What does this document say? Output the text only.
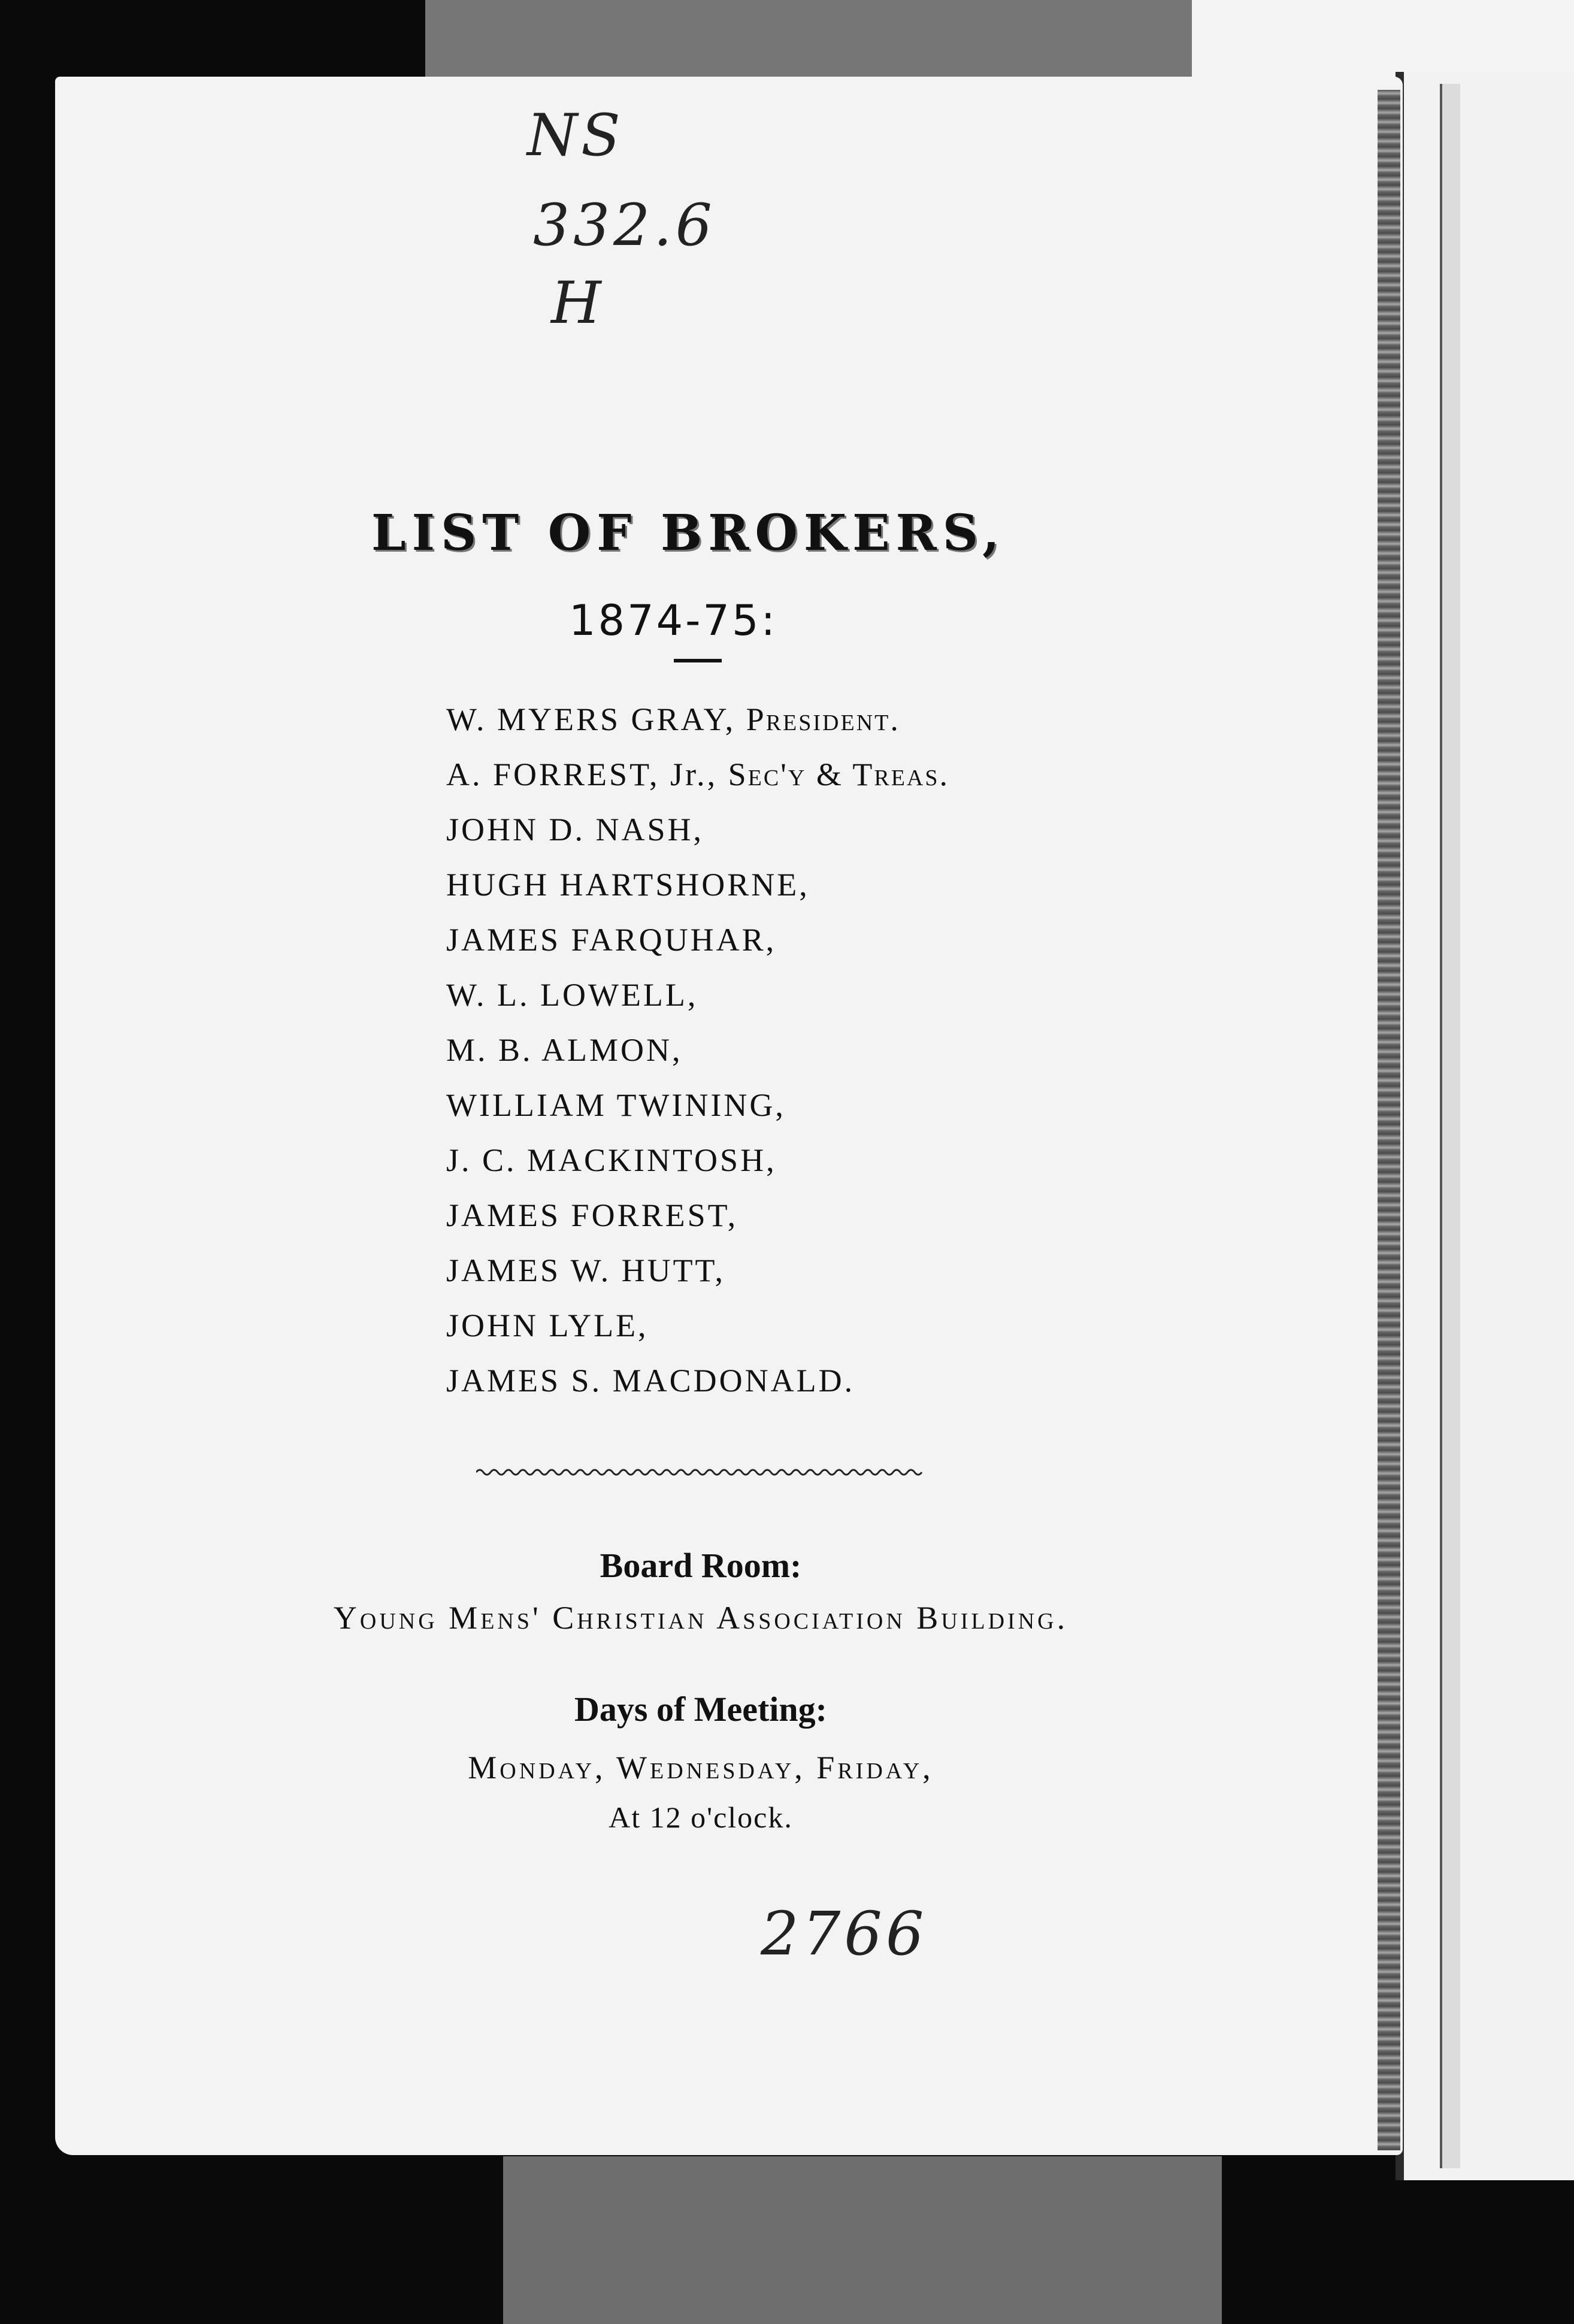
NS
332.6
H
LIST OF BROKERS,
1874-75:
W. MYERS GRAY, President.
A. FORREST, Jr., Sec'y & Treas.
JOHN D. NASH,
HUGH HARTSHORNE,
JAMES FARQUHAR,
W. L. LOWELL,
M. B. ALMON,
WILLIAM TWINING,
J. C. MACKINTOSH,
JAMES FORREST,
JAMES W. HUTT,
JOHN LYLE,
JAMES S. MACDONALD.
Board Room:
Young Mens' Christian Association Building.
Days of Meeting:
Monday, Wednesday, Friday,
At 12 o'clock.
2766
